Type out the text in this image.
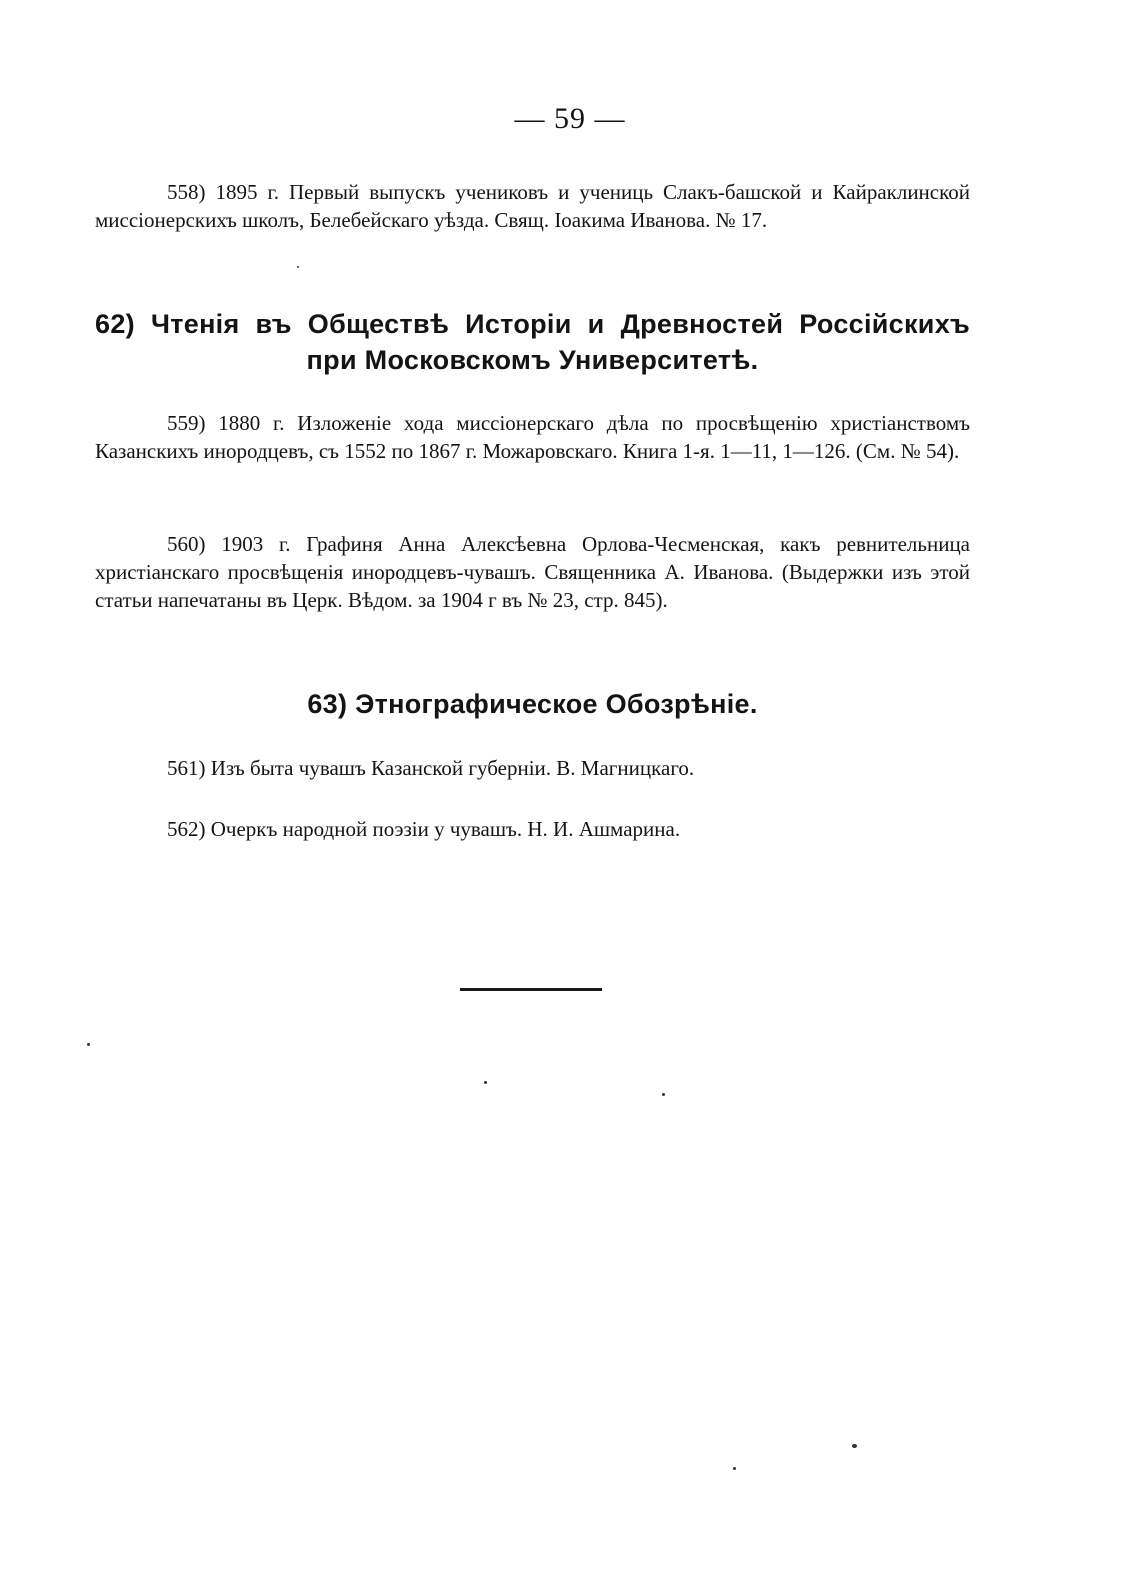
— 59 —
558) 1895 г. Первый выпускъ учениковъ и учениць Слакъ-башской и Кайраклинской миссiонерскихъ школъ, Белебейскаго уѣзда. Свящ. Iоакима Иванова. № 17.
62) Чтенiя въ Обществѣ Исторiи и Древностей Россiйскихъ
при Московскомъ Университетѣ.
559) 1880 г. Изложенiе хода миссiонерскаго дѣла по просвѣщенiю христiанствомъ Казанскихъ инородцевъ, съ 1552 по 1867 г. Можаровскаго. Книга 1-я. 1—11, 1—126. (См. № 54).
560) 1903 г. Графиня Анна Алексѣевна Орлова-Чесменская, какъ ревнительница христiанскаго просвѣщенiя инородцевъ-чувашъ. Священника А. Иванова. (Выдержки изъ этой статьи напечатаны въ Церк. Вѣдом. за 1904 г въ № 23, стр. 845).
63) Этнографическое Обозрѣнiе.
561) Изъ быта чувашъ Казанской губернiи. В. Магницкаго.
562) Очеркъ народной поэзiи у чувашъ. Н. И. Ашмарина.
